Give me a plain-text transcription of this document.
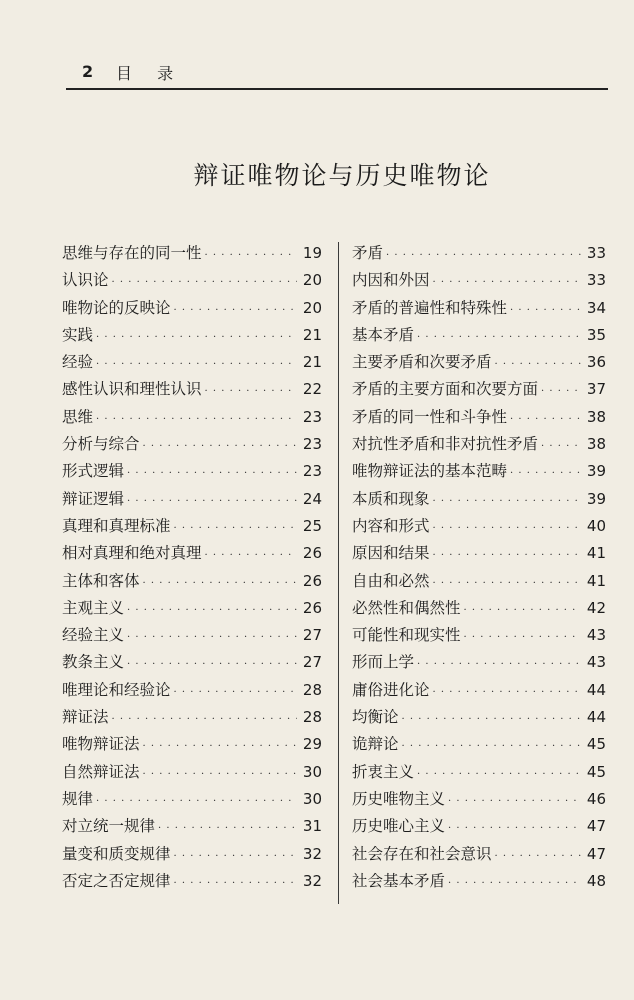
2 目 录
辩证唯物论与历史唯物论
思维与存在的同一性 · · ·	19
认识论 · · ·	20
唯物论的反映论 · · ·	20
实践 · · ·	21
经验 · · ·	21
感性认识和理性认识 · · ·	22
思维 · · ·	23
分析与综合 · · ·	23
形式逻辑 · · ·	23
辩证逻辑 · · ·	24
真理和真理标准 · · ·	25
相对真理和绝对真理 · · ·	26
主体和客体 · · ·	26
主观主义 · · ·	26
经验主义 · · ·	27
教条主义 · · ·	27
唯理论和经验论 · · ·	28
辩证法 · · ·	28
唯物辩证法 · · ·	29
自然辩证法 · · ·	30
规律 · · ·	30
对立统一规律 · · ·	31
量变和质变规律 · · ·	32
否定之否定规律 · · ·	32
矛盾 · · ·	33
内因和外因 · · ·	33
矛盾的普遍性和特殊性 · · ·	34
基本矛盾 · · ·	35
主要矛盾和次要矛盾 · · ·	36
矛盾的主要方面和次要方面 · · ·	37
矛盾的同一性和斗争性 · · ·	38
对抗性矛盾和非对抗性矛盾 · · ·	38
唯物辩证法的基本范畴 · · ·	39
本质和现象 · · ·	39
内容和形式 · · ·	40
原因和结果 · · ·	41
自由和必然 · · ·	41
必然性和偶然性 · · ·	42
可能性和现实性 · · ·	43
形而上学 · · ·	43
庸俗进化论 · · ·	44
均衡论 · · ·	44
诡辩论 · · ·	45
折衷主义 · · ·	45
历史唯物主义 · · ·	46
历史唯心主义 · · ·	47
社会存在和社会意识 · · ·	47
社会基本矛盾 · · ·	48
